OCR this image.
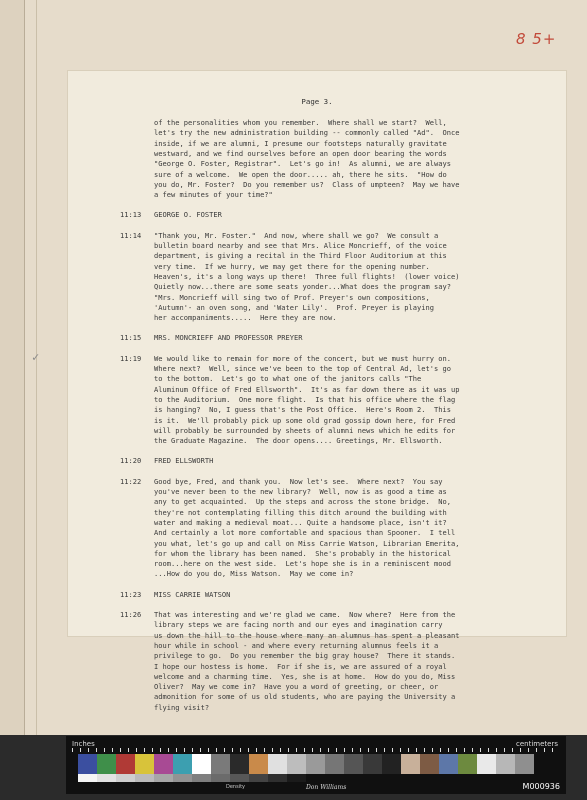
8 5+
Page 3.
of the personalities whom you remember.  Where shall we start?  Well,
let's try the new administration building -- commonly called "Ad".  Once
inside, if we are alumni, I presume our footsteps naturally gravitate
westward, and we find ourselves before an open door bearing the words
"George O. Foster, Registrar".  Let's go in!  As alumni, we are always
sure of a welcome.  We open the door..... ah, there he sits.  "How do
you do, Mr. Foster?  Do you remember us?  Class of umpteen?  May we have
a few minutes of your time?"
11:13 GEORGE O. FOSTER
11:14 "Thank you, Mr. Foster."  And now, where shall we go?  We consult a
bulletin board nearby and see that Mrs. Alice Moncrieff, of the voice
department, is giving a recital in the Third Floor Auditorium at this
very time.  If we hurry, we may get there for the opening number.
Heaven's, it's a long ways up there!  Three full flights!  (lower voice)
Quietly now...there are some seats yonder...What does the program say?
"Mrs. Moncrieff will sing two of Prof. Preyer's own compositions,
'Autumn'- an oven song, and 'Water Lily'.  Prof. Preyer is playing
her accompaniments.....  Here they are now.
11:15 MRS. MONCRIEFF AND PROFESSOR PREYER
11:19 We would like to remain for more of the concert, but we must hurry on.
Where next?  Well, since we've been to the top of Central Ad, let's go
to the bottom.  Let's go to what one of the janitors calls "The
Aluminum Office of Fred Ellsworth".  It's as far down there as it was up
to the Auditorium.  One more flight.  Is that his office where the flag
is hanging?  No, I guess that's the Post Office.  Here's Room 2.  This
is it.  We'll probably pick up some old grad gossip down here, for Fred
will probably be surrounded by sheets of alumni news which he edits for
the Graduate Magazine.  The door opens.... Greetings, Mr. Ellsworth.
11:20 FRED ELLSWORTH
11:22 Good bye, Fred, and thank you.  Now let's see.  Where next?  You say
you've never been to the new library?  Well, now is as good a time as
any to get acquainted.  Up the steps and across the stone bridge.  No,
they're not contemplating filling this ditch around the building with
water and making a medieval moat... Quite a handsome place, isn't it?
And certainly a lot more comfortable and spacious than Spooner.  I tell
you what, let's go up and call on Miss Carrie Watson, Librarian Emerita,
for whom the library has been named.  She's probably in the historical
room...here on the west side.  Let's hope she is in a reminiscent mood
...How do you do, Miss Watson.  May we come in?
11:23 MISS CARRIE WATSON
11:26 That was interesting and we're glad we came.  Now where?  Here from the
library steps we are facing north and our eyes and imagination carry
us down the hill to the house where many an alumnus has spent a pleasant
hour while in school - and where every returning alumnus feels it a
privilege to go.  Do you remember the big gray house?  There it stands.
I hope our hostess is home.  For if she is, we are assured of a royal
welcome and a charming time.  Yes, she is at home.  How do you do, Miss
Oliver?  May we come in?  Have you a word of greeting, or cheer, or
admonition for some of us old students, who are paying the University a
flying visit?
✓
Inches	centimeters
Density	Don Williams	M000936
